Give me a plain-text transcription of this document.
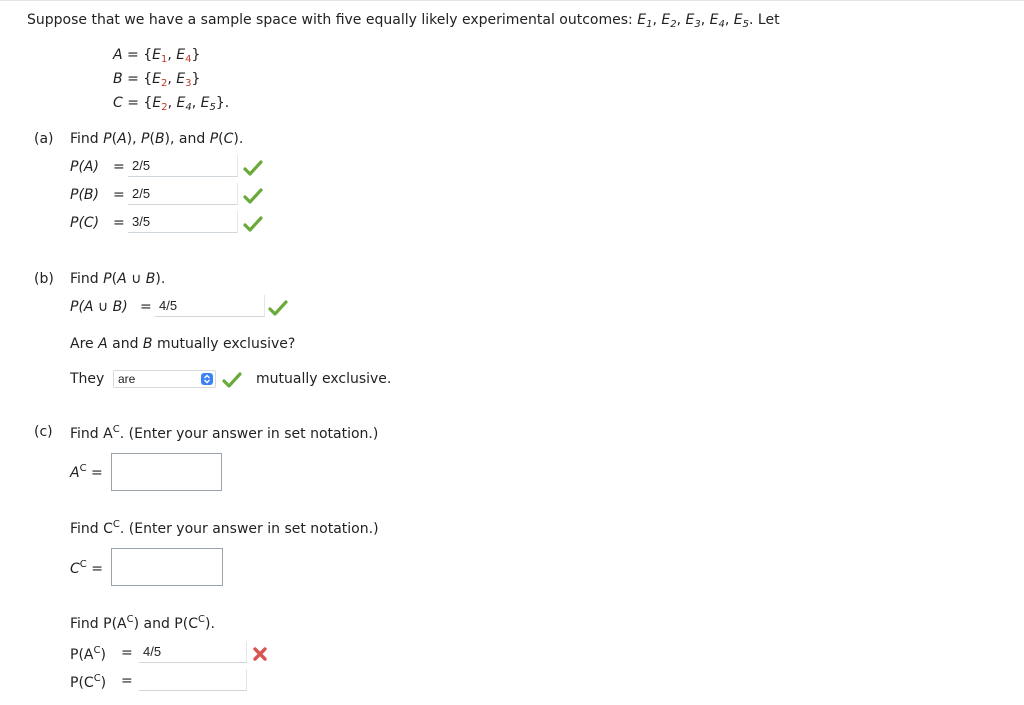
Suppose that we have a sample space with five equally likely experimental outcomes: $E_1$, $E_2$, $E_3$, $E_4$, $E_5$. Let
$A = \{E_1$, $E_4$}
$B = \{E_2$, $E_3$}
$C = \{E_2$, $E_4$, $E_5$}.
(a) Find P(A), P(B), and P(C).
P(A) =
2/5
P(B) =
2/5
P(C) =
3/5
(b) Find P(A ∪ B).
P(A ∪ B) =
4/5
Are A and B mutually exclusive?
They	are	mutually exclusive.
(c) Find $A^C$. (Enter your answer in set notation.)
$A^C$ =
Find $C^C$. (Enter your answer in set notation.)
$C^C$ =
Find $P(A^C)$ and $P(C^C)$.
$P(A^C)$ =
4/5
$P(C^C)$ =
